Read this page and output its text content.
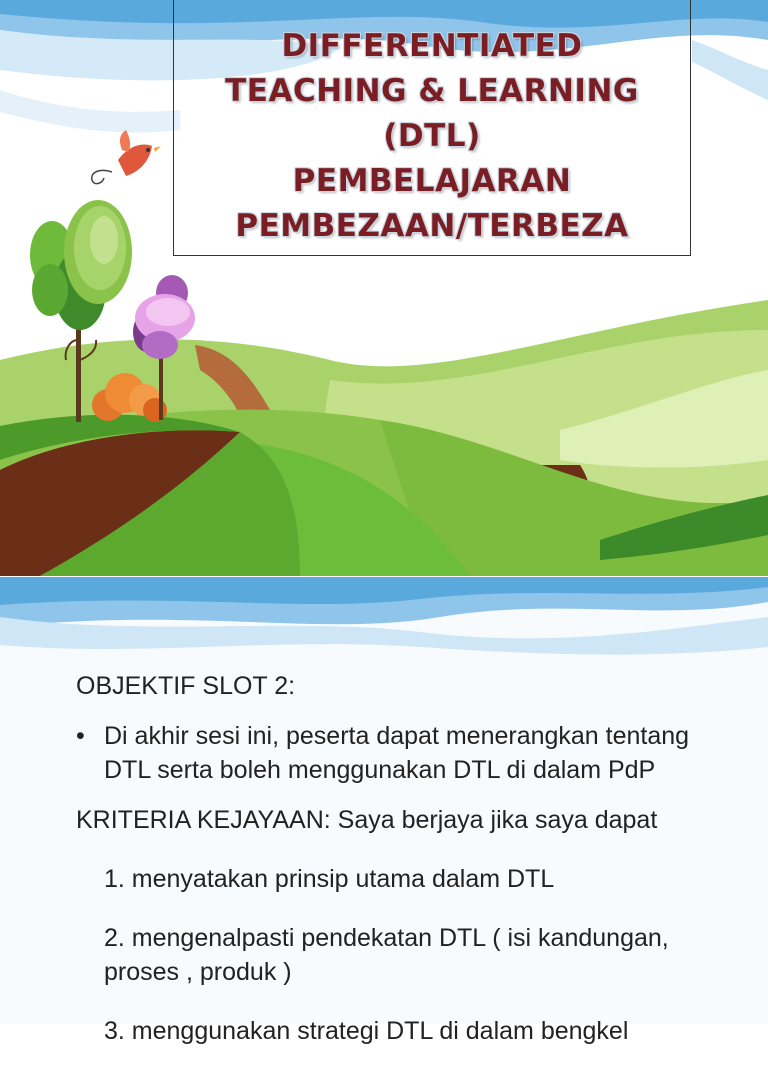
DIFFERENTIATED
TEACHING & LEARNING
(DTL)
PEMBELAJARAN
PEMBEZAAN/TERBEZA

OBJEKTIF SLOT 2:

• Di akhir sesi ini, peserta dapat menerangkan tentang DTL serta boleh menggunakan DTL di dalam PdP

KRITERIA KEJAYAAN: Saya berjaya jika saya dapat

1. menyatakan prinsip utama dalam DTL

2. mengenalpasti pendekatan DTL ( isi kandungan, proses , produk )

3. menggunakan strategi DTL di dalam bengkel
